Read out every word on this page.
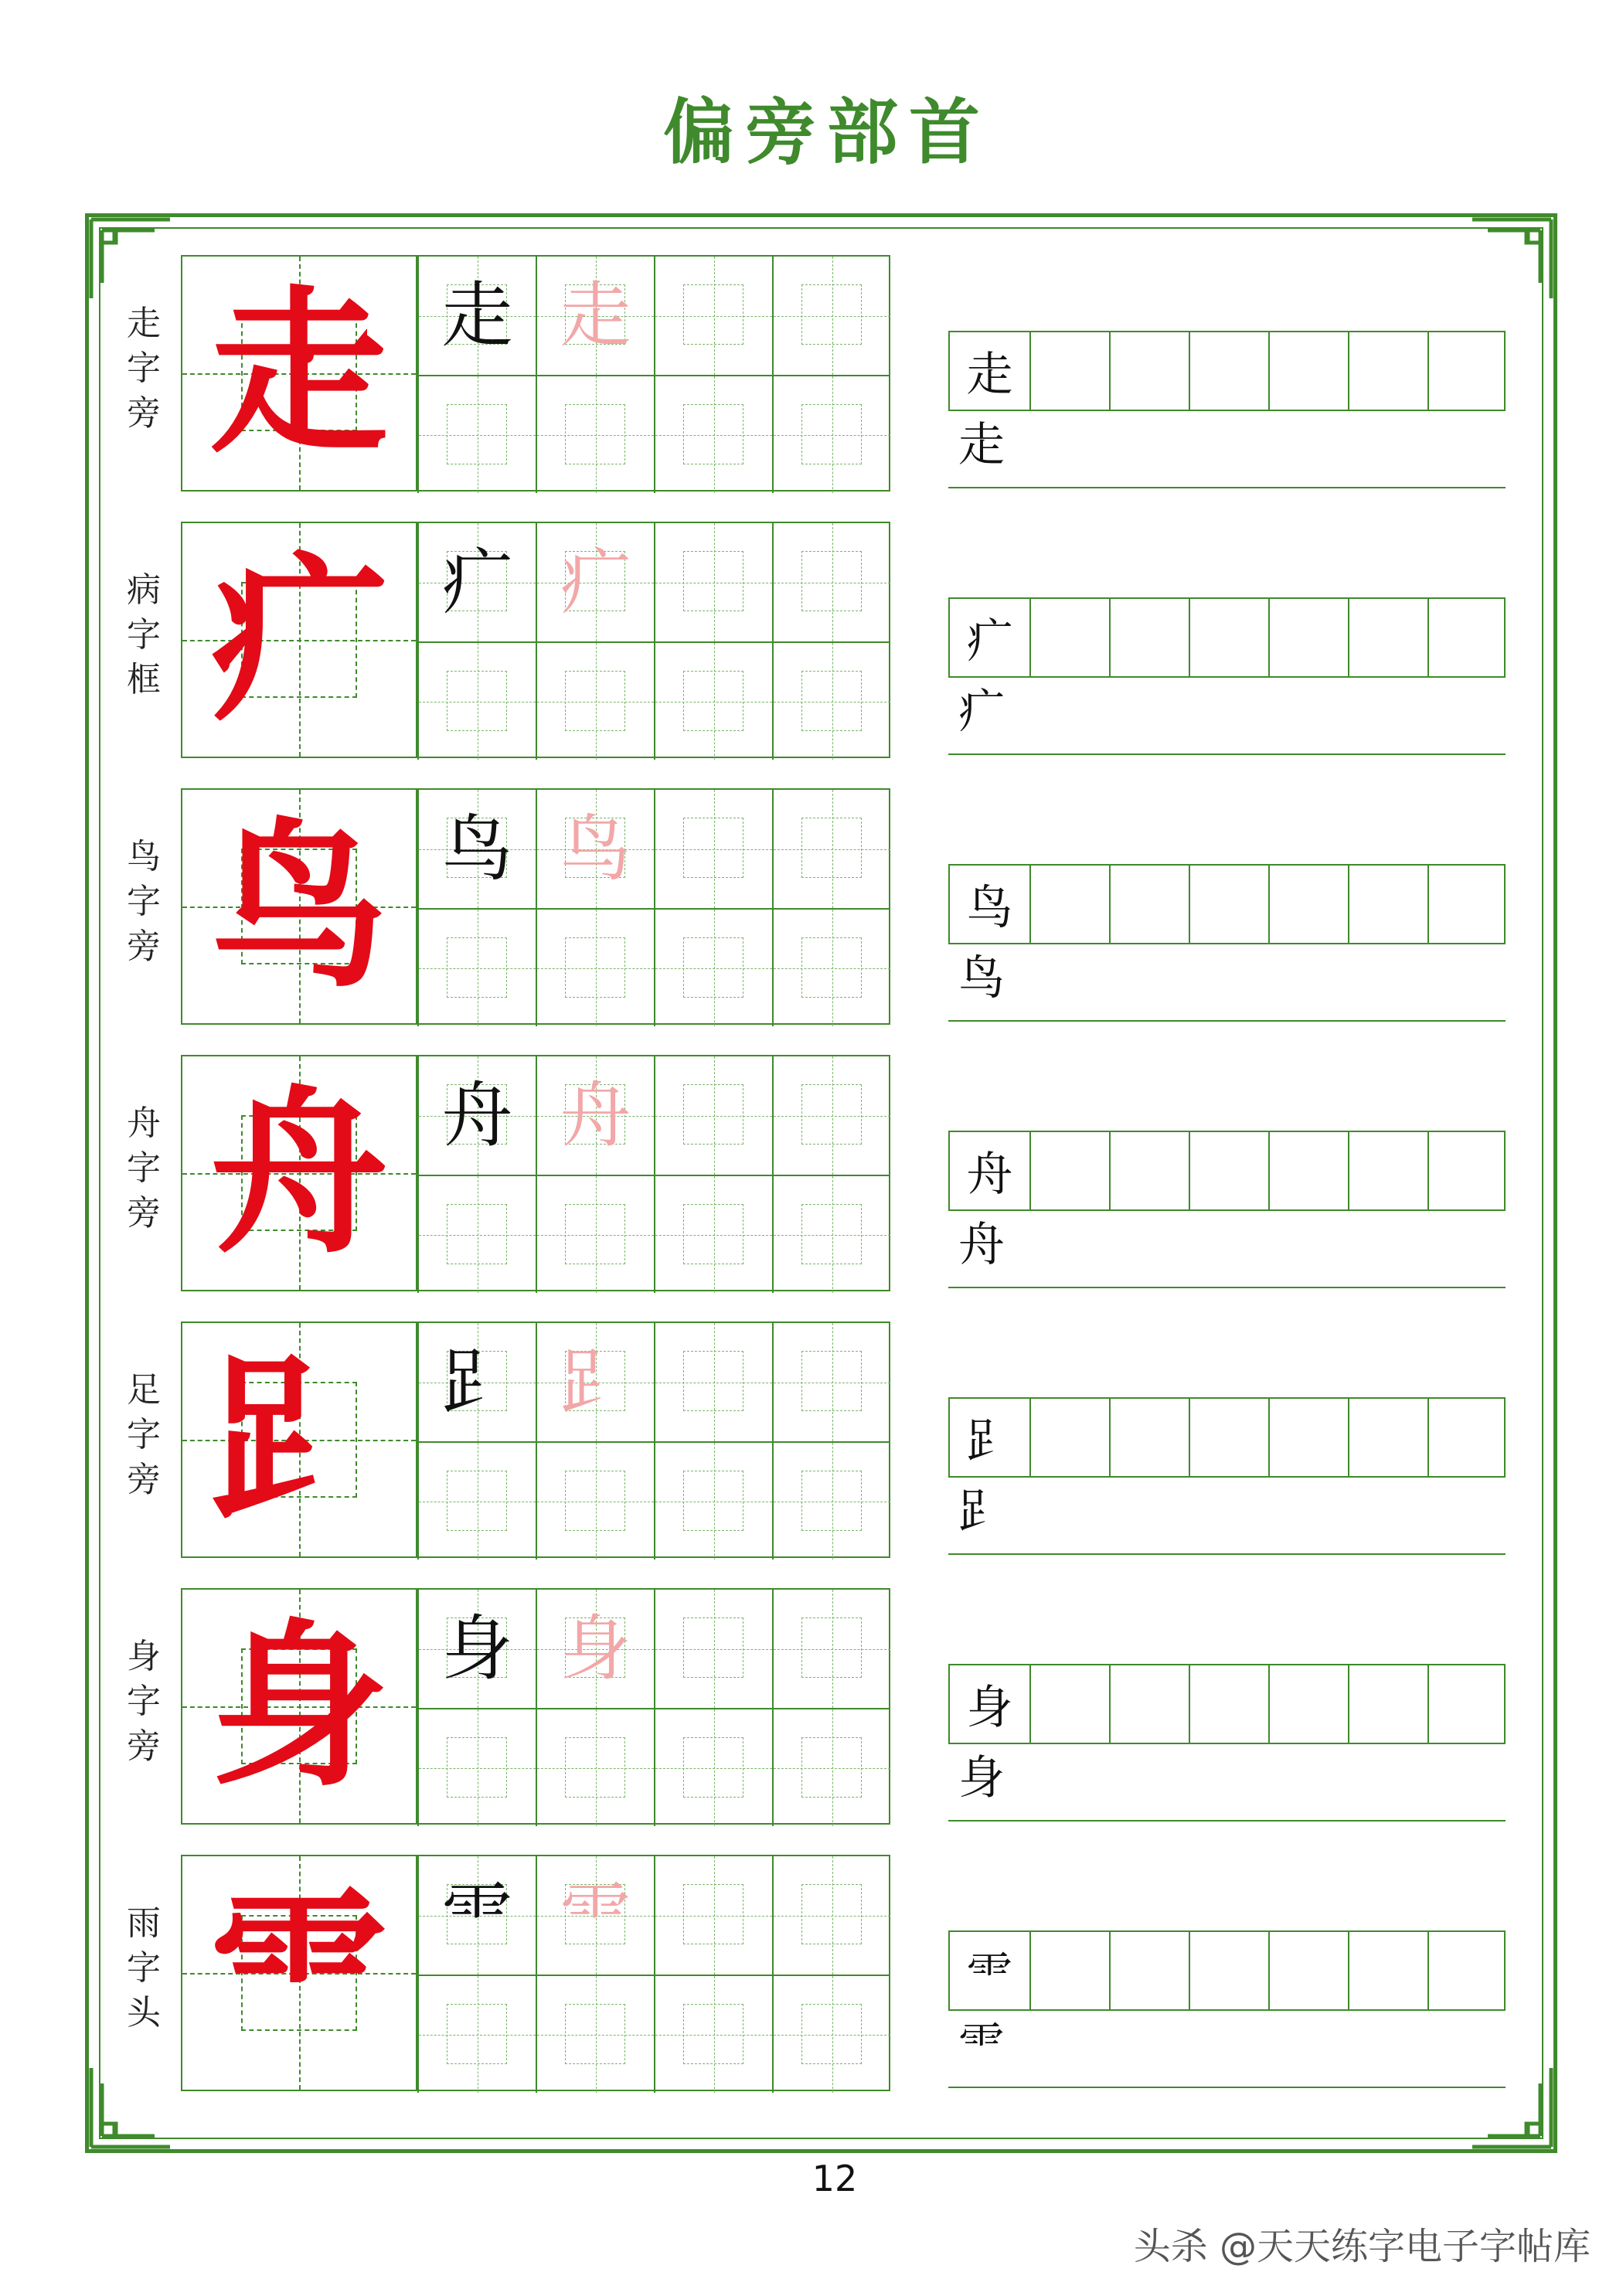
偏旁部首
走
字
旁 走 走 走
走
走
病
字
框 疒 疒 疒
疒
疒
鸟
字
旁 鸟 鸟 鸟
鸟
鸟
舟
字
旁 舟 舟 舟
舟
舟
足
字
旁 𧾷 𧾷 𧾷
𧾷
𧾷
身
字
旁 身 身 身
身
身
雨
字
头 ⻗ ⻗ ⻗
⻗
⻗
12
头杀 @天天练字电子字帖库
